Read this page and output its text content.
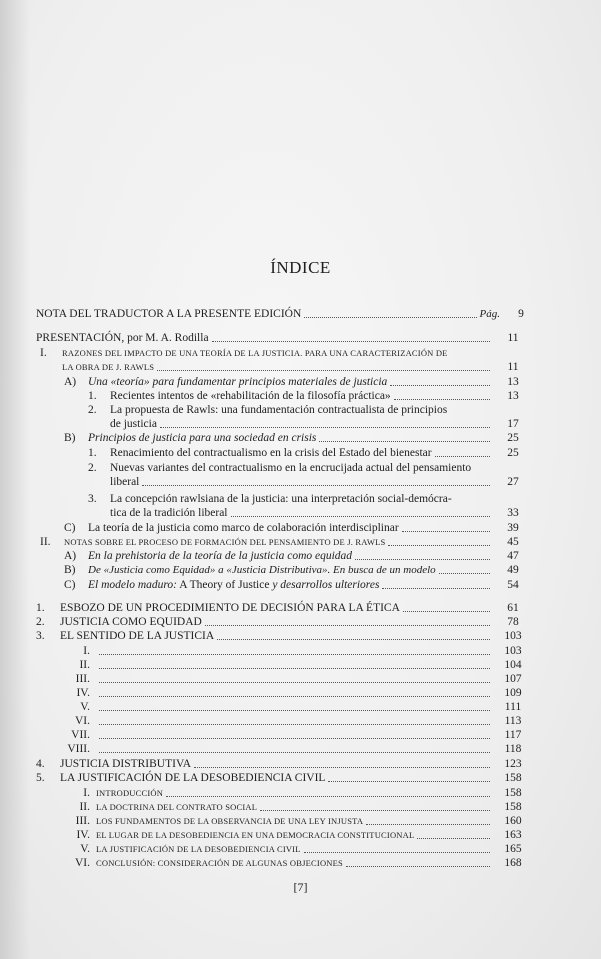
ÍNDICE
NOTA DEL TRADUCTOR A LA PRESENTE EDICIÓN	Pág.	9
PRESENTACIÓN, por M. A. Rodilla	11
I.	RAZONES DEL IMPACTO DE UNA TEORÍA DE LA JUSTICIA. PARA UNA CARACTERIZACIÓN DE
LA OBRA DE J. RAWLS	11
A)	Una «teoría» para fundamentar principios materiales de justicia	13
1.	Recientes intentos de «rehabilitación de la filosofía práctica»	13
2.	La propuesta de Rawls: una fundamentación contractualista de principios
de justicia	17
B)	Principios de justicia para una sociedad en crisis	25
1.	Renacimiento del contractualismo en la crisis del Estado del bienestar	25
2.	Nuevas variantes del contractualismo en la encrucijada actual del pensamiento
liberal	27
3.	La concepción rawlsiana de la justicia: una interpretación social-demócra-
tica de la tradición liberal	33
C)	La teoría de la justicia como marco de colaboración interdisciplinar	39
II.	NOTAS SOBRE EL PROCESO DE FORMACIÓN DEL PENSAMIENTO DE J. RAWLS	45
A)	En la prehistoria de la teoría de la justicia como equidad	47
B)	De «Justicia como Equidad» a «Justicia Distributiva». En busca de un modelo	49
C)	El modelo maduro: A Theory of Justice y desarrollos ulteriores	54
1.	ESBOZO DE UN PROCEDIMIENTO DE DECISIÓN PARA LA ÉTICA	61
2.	JUSTICIA COMO EQUIDAD	78
3.	EL SENTIDO DE LA JUSTICIA	103
I.	103
II.	104
III.	107
IV.	109
V.	111
VI.	113
VII.	117
VIII.	118
4.	JUSTICIA DISTRIBUTIVA	123
5.	LA JUSTIFICACIÓN DE LA DESOBEDIENCIA CIVIL	158
I. INTRODUCCIÓN	158
II. LA DOCTRINA DEL CONTRATO SOCIAL	158
III. LOS FUNDAMENTOS DE LA OBSERVANCIA DE UNA LEY INJUSTA	160
IV. EL LUGAR DE LA DESOBEDIENCIA EN UNA DEMOCRACIA CONSTITUCIONAL	163
V. LA JUSTIFICACIÓN DE LA DESOBEDIENCIA CIVIL	165
VI. CONCLUSIÓN: CONSIDERACIÓN DE ALGUNAS OBJECIONES	168
[7]
